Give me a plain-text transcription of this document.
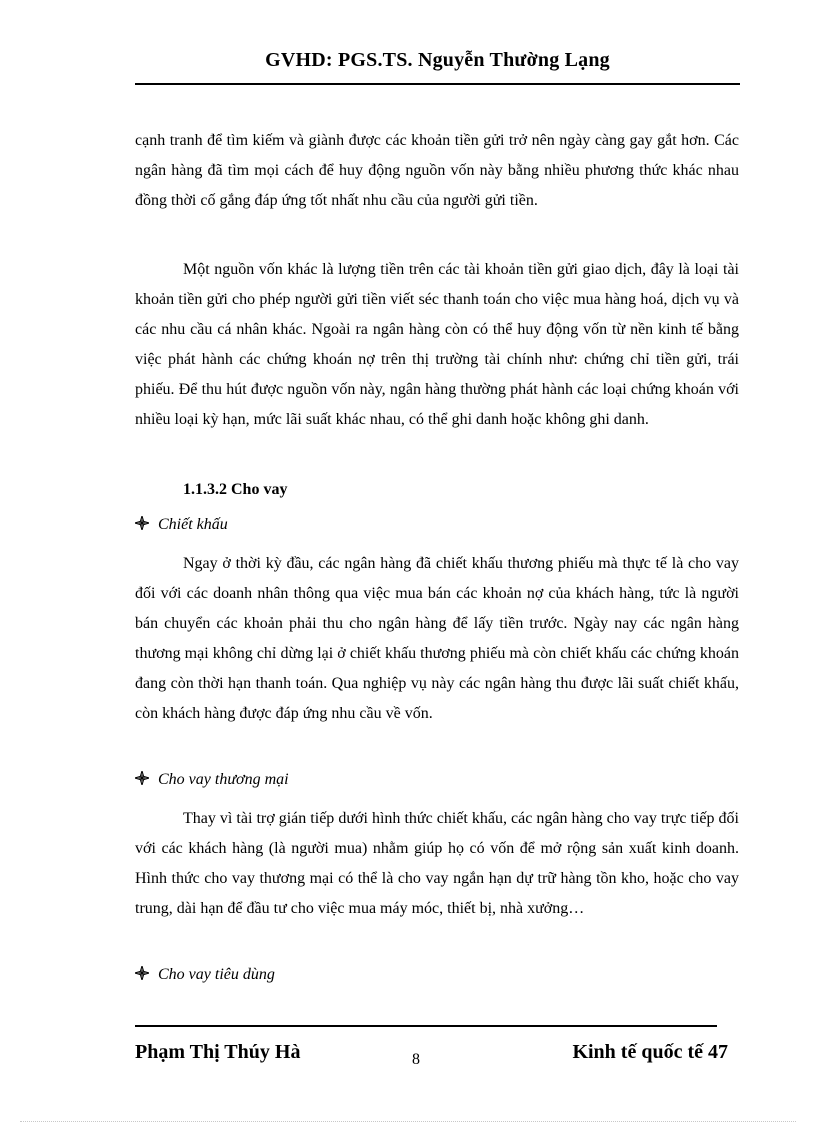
GVHD: PGS.TS. Nguyễn Thường Lạng

cạnh tranh để tìm kiếm và giành được các khoản tiền gửi trở nên ngày càng gay gắt hơn. Các ngân hàng đã tìm mọi cách để huy động nguồn vốn này bằng nhiều phương thức khác nhau đồng thời cố gắng đáp ứng tốt nhất nhu cầu của người gửi tiền.

Một nguồn vốn khác là lượng tiền trên các tài khoản tiền gửi giao dịch, đây là loại tài khoản tiền gửi cho phép người gửi tiền viết séc thanh toán cho việc mua hàng hoá, dịch vụ và các nhu cầu cá nhân khác. Ngoài ra ngân hàng còn có thể huy động vốn từ nền kinh tế bằng việc phát hành các chứng khoán nợ trên thị trường tài chính như: chứng chỉ tiền gửi, trái phiếu. Để thu hút được nguồn vốn này, ngân hàng thường phát hành các loại chứng khoán với nhiều loại kỳ hạn, mức lãi suất khác nhau, có thể ghi danh hoặc không ghi danh.

1.1.3.2 Cho vay
Chiết khấu

Ngay ở thời kỳ đầu, các ngân hàng đã chiết khấu thương phiếu mà thực tế là cho vay đối với các doanh nhân thông qua việc mua bán các khoản nợ của khách hàng, tức là người bán chuyển các khoản phải thu cho ngân hàng để lấy tiền trước. Ngày nay các ngân hàng thương mại không chỉ dừng lại ở chiết khấu thương phiếu mà còn chiết khấu các chứng khoán đang còn thời hạn thanh toán. Qua nghiệp vụ này các ngân hàng thu được lãi suất chiết khấu, còn khách hàng được đáp ứng nhu cầu về vốn.

Cho vay thương mại

Thay vì tài trợ gián tiếp dưới hình thức chiết khấu, các ngân hàng cho vay trực tiếp đối với các khách hàng (là người mua) nhằm giúp họ có vốn để mở rộng sản xuất kinh doanh. Hình thức cho vay thương mại có thể là cho vay ngắn hạn dự trữ hàng tồn kho, hoặc cho vay trung, dài hạn để đầu tư cho việc mua máy móc, thiết bị, nhà xưởng…

Cho vay tiêu dùng
Phạm Thị Thúy Hà	8	Kinh tế quốc tế 47
